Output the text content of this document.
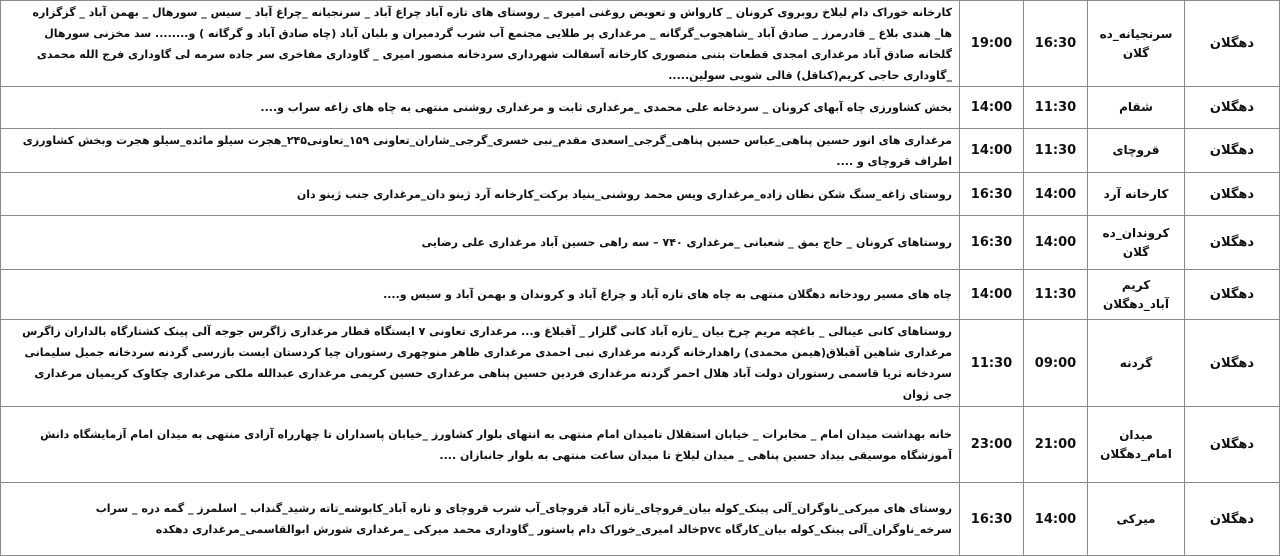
دهگلان	سرنجیانه_ده گلان	16:30	19:00	کارخانه خوراک دام لیلاخ روبروی کرونان _ کارواش و تعویض روغنی امیری _ روستای های تازه آباد چراغ آباد _ سرنجیانه _چراغ آباد _ سیس _ سورهال _ بهمن آباد _ گزگزاره ها_ هندی بلاغ _ قادرمرز _ صادق آباد _شاهجوب_گرگانه _ مرغداری پر طلایی مجتمع آب شرب گردمیران و بلبان آباد (چاه صادق آباد و گرگانه ) و........ سد مخزنی سورهال گلخانه صادق آباد مرغداری امجدی قطعات بتنی منصوری کارخانه آسفالت شهرداری سردخانه منصور امیری _ گاوداری مفاخری سر جاده سرمه لی گاوداری فرج الله محمدی _گاوداری حاجی کریم(کناقل) قالی شویی سولین.....
دهگلان	شقام	11:30	14:00	بخش کشاورزی چاه آبهای کرونان _ سردخانه علی محمدی _مرغداری ثابت و مرغداری روشنی منتهی به چاه های زاغه سراب و....
دهگلان	قروچای	11:30	14:00	مرغداری های انور حسین پناهی_عباس حسین پناهی_گرجی_اسعدی مقدم_نبی خسری_گرجی_شاران_تعاونی ۱۵۹_تعاونی۲۴۵_هجرت سیلو مائده_سیلو هجرت وبخش کشاورزی اطراف قروچای و ....
دهگلان	کارخانه آرد	14:00	16:30	روستای زاغه_سنگ شکن نظان زاده_مرغداری ویس محمد روشنی_بنیاد برکت_کارخانه آرد ژینو دان_مرغداری جنب ژینو دان
دهگلان	کروندان_ده گلان	14:00	16:30	روستاهای کرونان _ حاج یمق _ شعبانی _مرغداری ۷۴۰ – سه راهی حسین آباد مرغداری علی رضایی
دهگلان	کریم آباد_دهگلان	11:30	14:00	چاه های مسیر رودخانه دهگلان منتهی به چاه های تازه آباد و چراغ آباد و کروندان و بهمن آباد و سیس و....
دهگلان	گردنه	09:00	11:30	روستاهای کانی عینالی _ باغچه مریم چرخ بیان _تازه آباد کانی گلزار _ آقبلاغ و... مرغداری تعاونی ۷ ایستگاه قطار مرغداری زاگرس جوجه آلی پینک کشتارگاه بالداران زاگرس مرغداری شاهین آقبلاق(هیمن محمدی) راهدارخانه گردنه مرغداری نبی احمدی مرغداری ظاهر منوچهری رستوران چیا کردستان ایست بازرسی گردنه سردخانه جمیل سلیمانی سردخانه ثریا قاسمی رستوران دولت آباد هلال احمر گردنه مرغداری فردین حسین پناهی مرغداری حسین کریمی مرغداری عبدالله ملکی مرغداری چکاوک کریمیان مرغداری جی ژوان
دهگلان	میدان امام_دهگلان	21:00	23:00	خانه بهداشت میدان امام _ مخابرات _ خیابان استقلال تامیدان امام منتهی به انتهای بلوار کشاورز _خیابان پاسداران تا چهارراه آزادی منتهی به میدان امام آزمایشگاه دانش آموزشگاه موسیقی بیداد حسین پناهی _ میدان لیلاخ تا میدان ساعت منتهی به بلوار جانبازان ....
دهگلان	میرکی	14:00	16:30	روستای های میرکی_ناوگران_آلی پینک_کوله بیان_قروچای_تازه آباد قروچای_آب شرب قروچای و تازه آباد_کابوشه_تاته رشید_گنداب _ اسلمرز _ گمه دره _ سراب سرخه_ناوگران_آلی پینک_کوله بیان_کارگاه pvcخالد امیری_خوراک دام پاستور _گاوداری محمد میرکی _مرغداری شورش ابوالقاسمی_مرغداری دهکده
